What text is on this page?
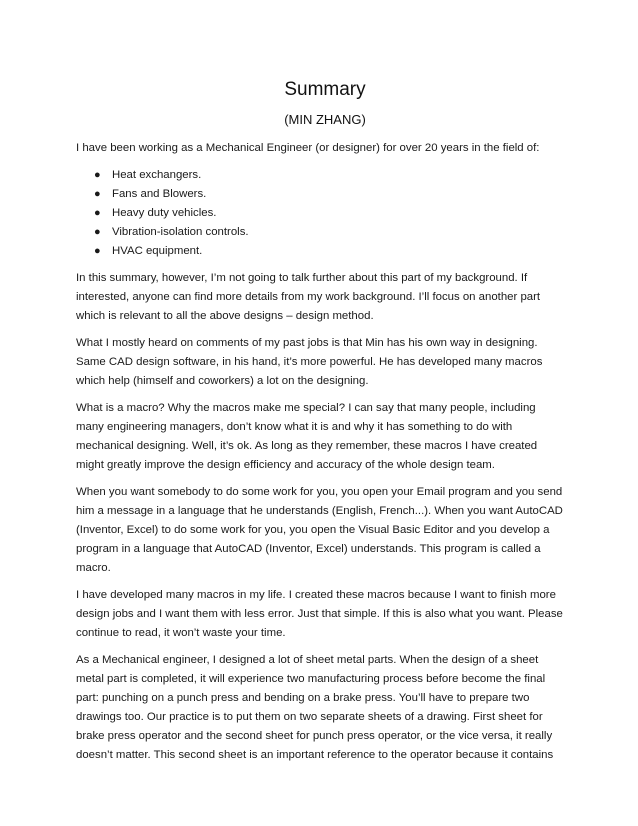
Summary
(MIN ZHANG)

I have been working as a Mechanical Engineer (or designer) for over 20 years in the field of:

● Heat exchangers.
● Fans and Blowers.
● Heavy duty vehicles.
● Vibration-isolation controls.
● HVAC equipment.

In this summary, however, I’m not going to talk further about this part of my background. If interested, anyone can find more details from my work background. I’ll focus on another part which is relevant to all the above designs – design method.

What I mostly heard on comments of my past jobs is that Min has his own way in designing. Same CAD design software, in his hand, it’s more powerful. He has developed many macros which help (himself and coworkers) a lot on the designing.

What is a macro? Why the macros make me special? I can say that many people, including many engineering managers, don’t know what it is and why it has something to do with mechanical designing. Well, it’s ok. As long as they remember, these macros I have created might greatly improve the design efficiency and accuracy of the whole design team.

When you want somebody to do some work for you, you open your Email program and you send him a message in a language that he understands (English, French...). When you want AutoCAD (Inventor, Excel) to do some work for you, you open the Visual Basic Editor and you develop a program in a language that AutoCAD (Inventor, Excel) understands. This program is called a macro.

I have developed many macros in my life. I created these macros because I want to finish more design jobs and I want them with less error. Just that simple. If this is also what you want. Please continue to read, it won’t waste your time.

As a Mechanical engineer, I designed a lot of sheet metal parts. When the design of a sheet metal part is completed, it will experience two manufacturing process before become the final part: punching on a punch press and bending on a brake press. You’ll have to prepare two drawings too. Our practice is to put them on two separate sheets of a drawing. First sheet for brake press operator and the second sheet for punch press operator, or the vice versa, it really doesn’t matter. This second sheet is an important reference to the operator because it contains
